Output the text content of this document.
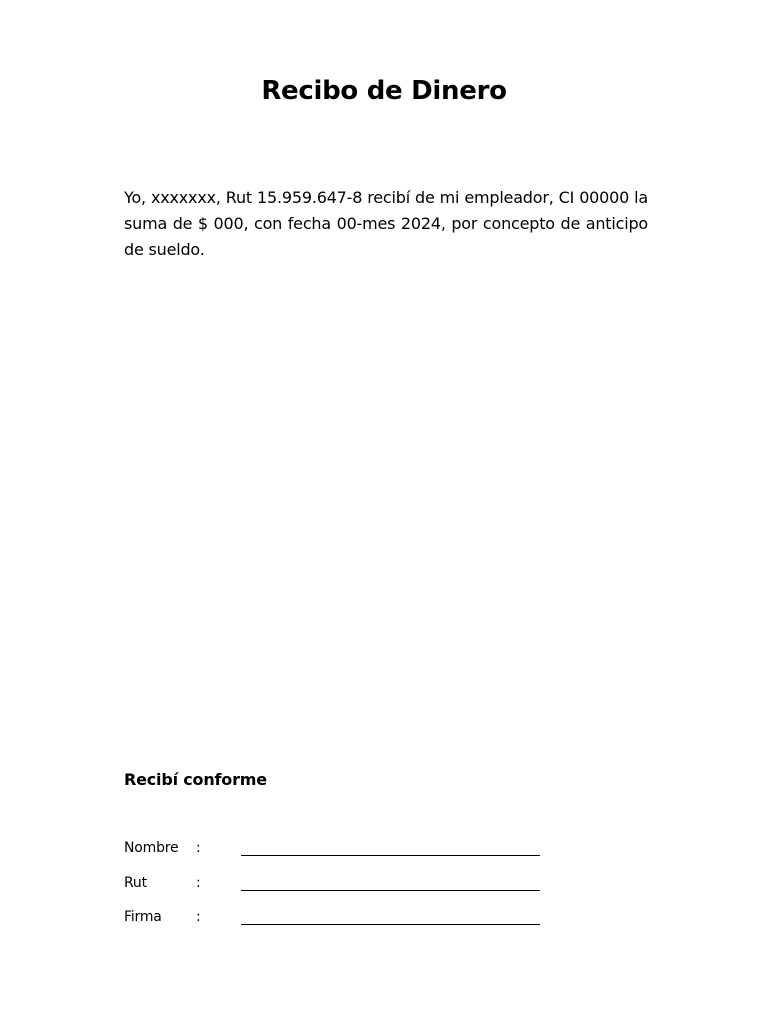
Recibo de Dinero
Yo, xxxxxxx, Rut 15.959.647-8 recibí de mi empleador, CI 00000 la suma de $ 000, con fecha 00-mes 2024, por concepto de anticipo de sueldo.
Recibí conforme
Nombre :
Rut	:
Firma :
